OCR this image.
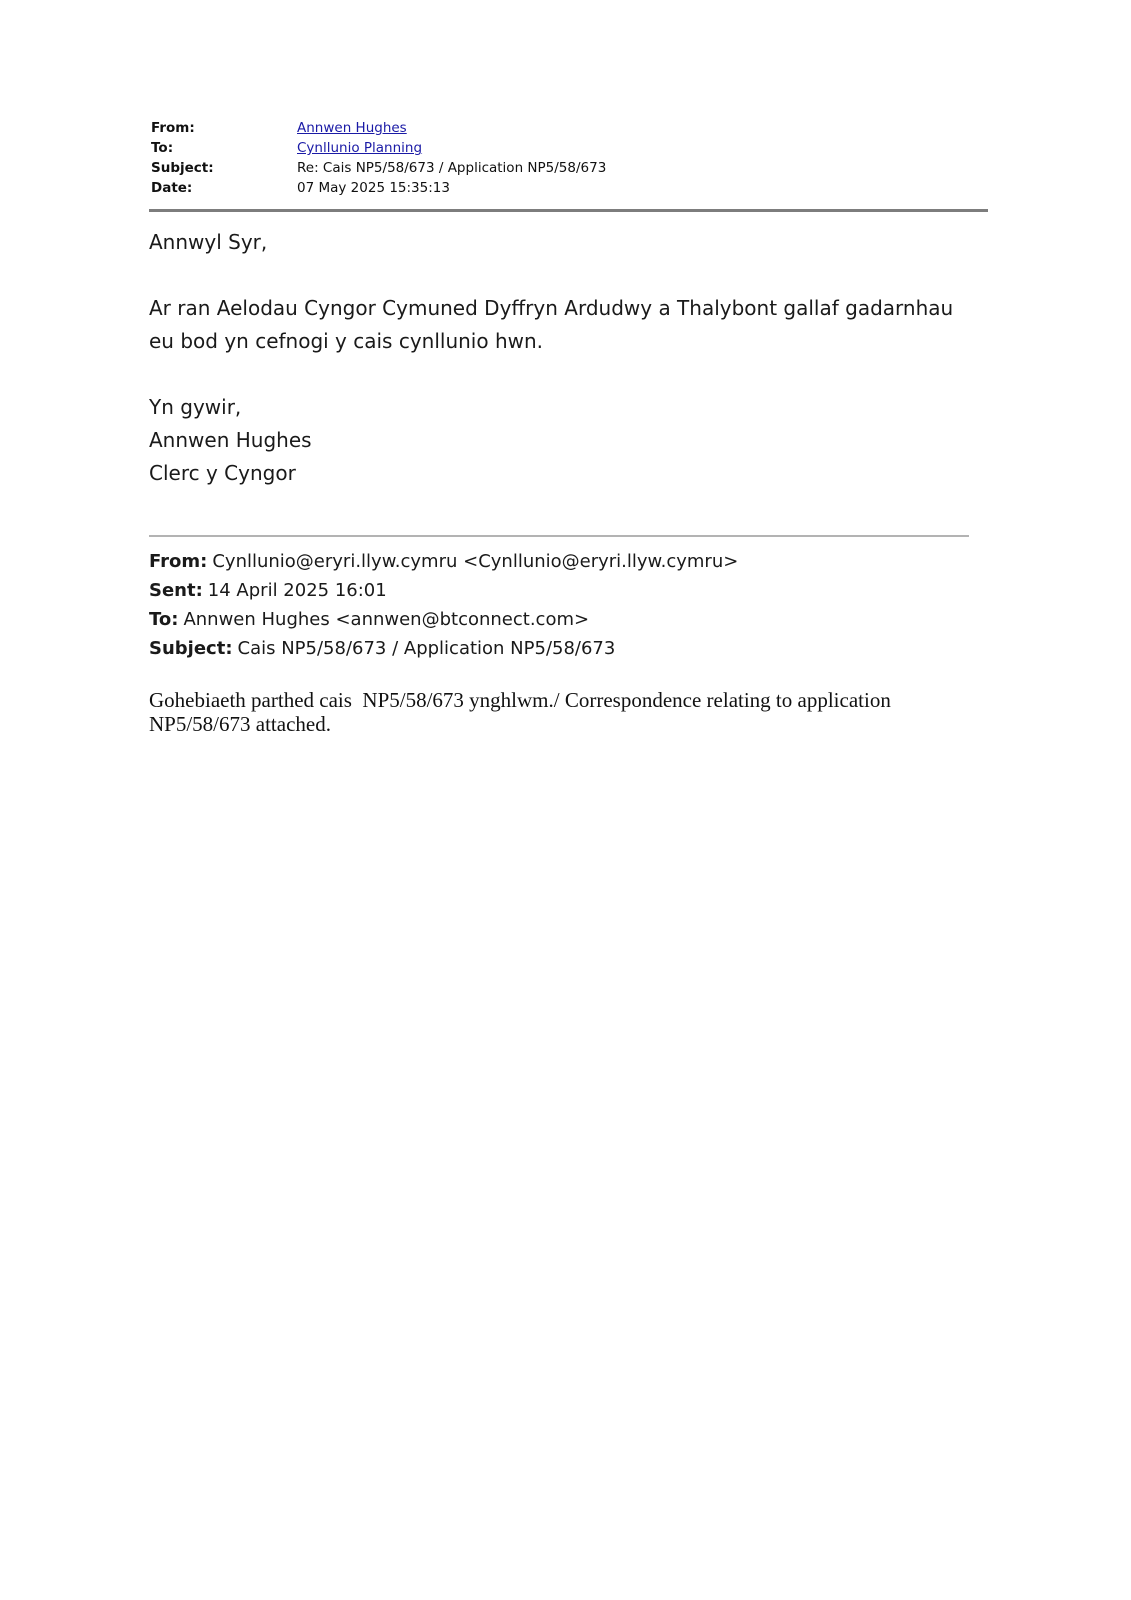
From:	Annwen Hughes
To:	Cynllunio Planning
Subject:	Re: Cais NP5/58/673 / Application NP5/58/673
Date:	07 May 2025 15:35:13

Annwyl Syr,

Ar ran Aelodau Cyngor Cymuned Dyffryn Ardudwy a Thalybont gallaf gadarnhau eu bod yn cefnogi y cais cynllunio hwn.

Yn gywir,

Annwen Hughes

Clerc y Cyngor

From: Cynllunio@eryri.llyw.cymru <Cynllunio@eryri.llyw.cymru>
Sent: 14 April 2025 16:01
To: Annwen Hughes <annwen@btconnect.com>
Subject: Cais NP5/58/673 / Application NP5/58/673

Gohebiaeth parthed cais  NP5/58/673 ynghlwm./ Correspondence relating to application NP5/58/673 attached.
